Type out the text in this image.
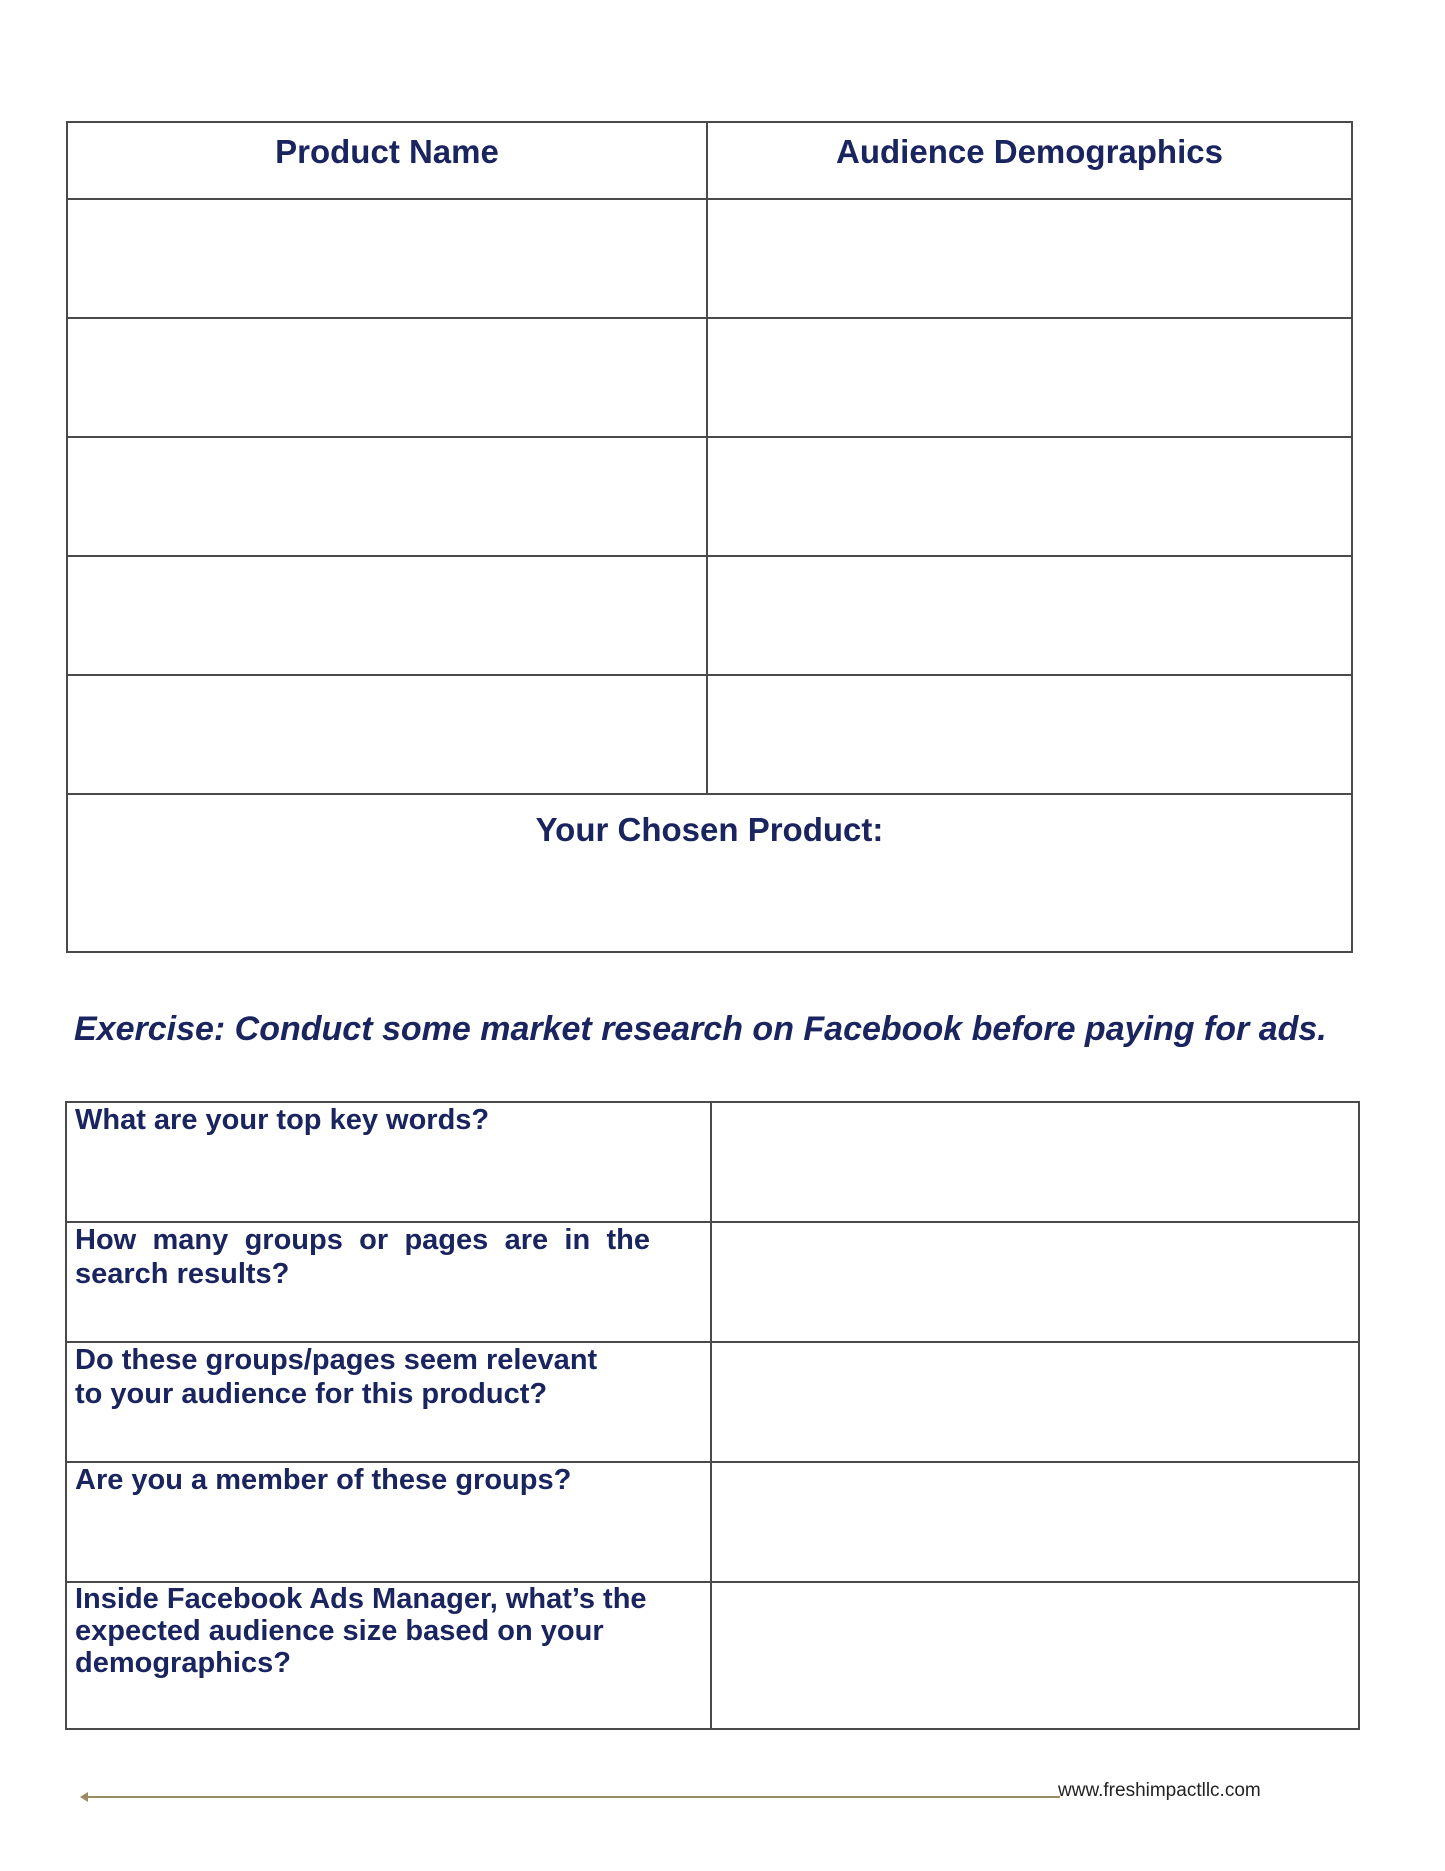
Product Name	Audience Demographics

Your Chosen Product:	
Exercise: Conduct some market research on Facebook before paying for ads.
What are your top key words?	

How many groups or pages are in the
search results?	

Do these groups/pages seem relevant
to your audience for this product?	

Are you a member of these groups?	

Inside Facebook Ads Manager, what’s the
expected audience size based on your
demographics?	

www.freshimpactllc.com
